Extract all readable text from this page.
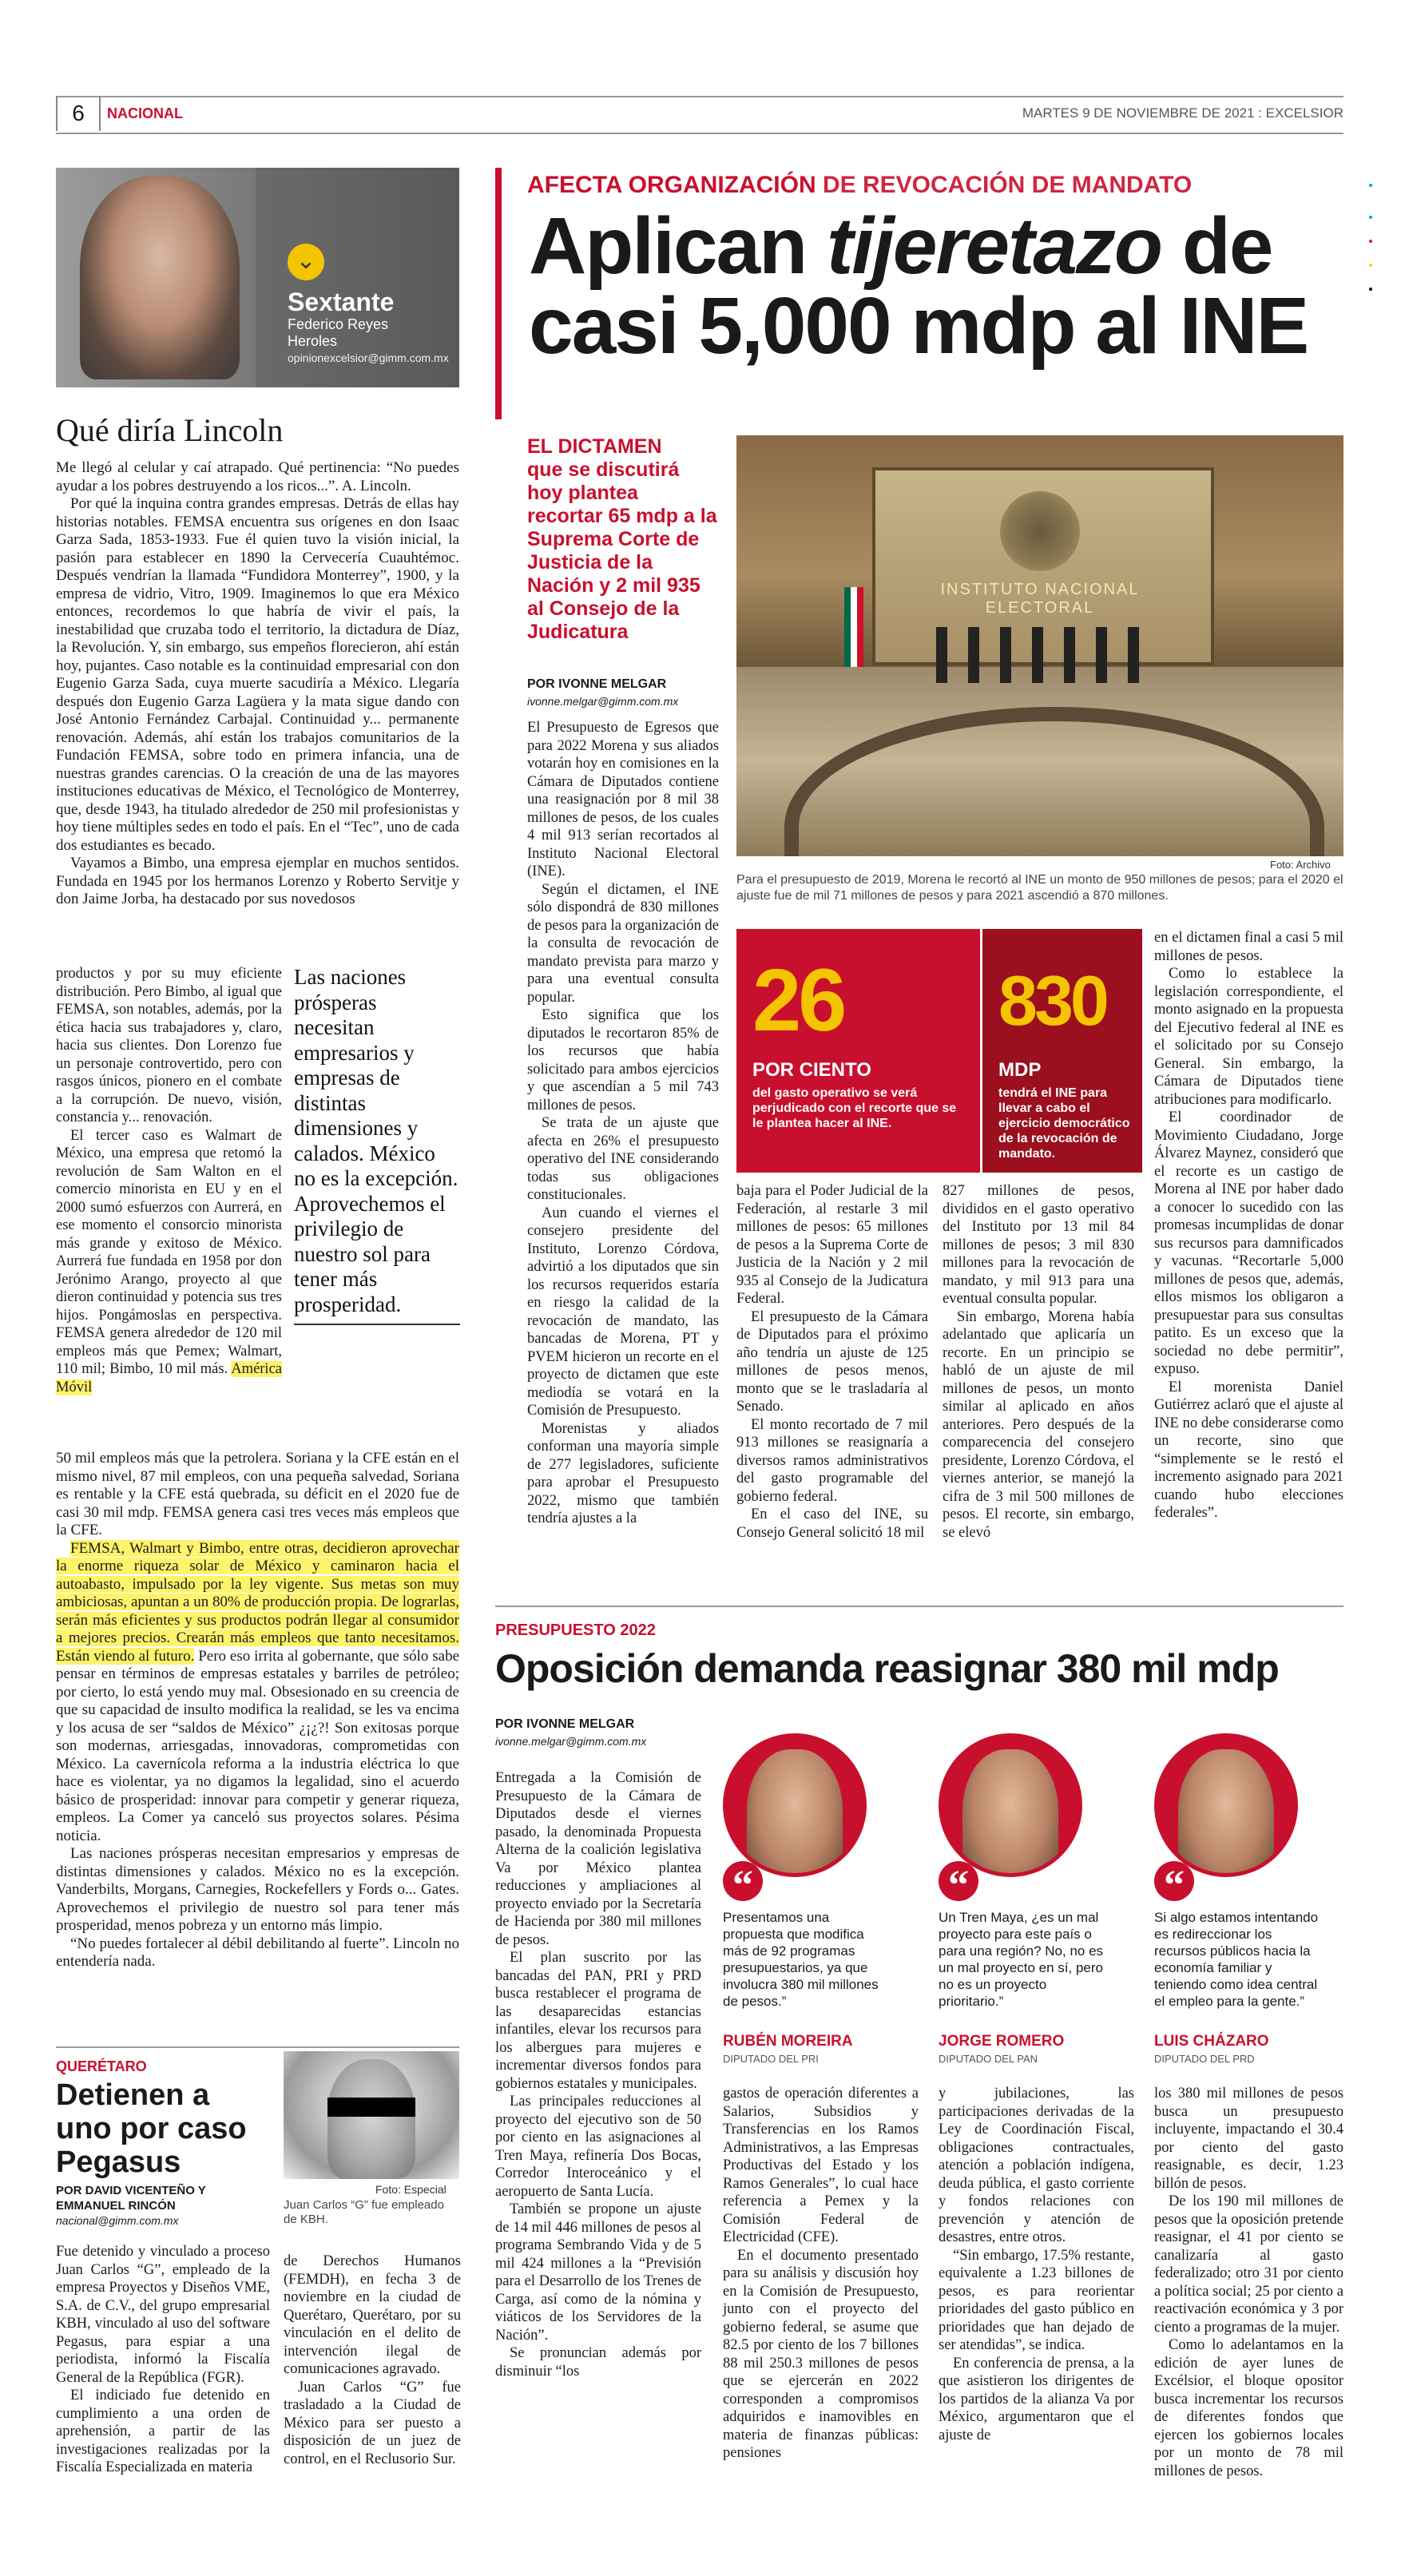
6	NACIONAL	MARTES 9 DE NOVIEMBRE DE 2021 : EXCELSIOR
⌄
Sextante
Federico Reyes Heroles
opinionexcelsior@gimm.com.mx
Qué diría Lincoln

Me llegó al celular y caí atrapado. Qué pertinencia: “No puedes ayudar a los pobres destruyendo a los ricos...”. A. Lincoln.

Por qué la inquina contra grandes empresas. Detrás de ellas hay historias notables. FEMSA encuentra sus orígenes en don Isaac Garza Sada, 1853-1933. Fue él quien tuvo la visión inicial, la pasión para establecer en 1890 la Cervecería Cuauhtémoc. Después vendrían la llamada “Fundidora Monterrey”, 1900, y la empresa de vidrio, Vitro, 1909. Imaginemos lo que era México entonces, recordemos lo que habría de vivir el país, la inestabilidad que cruzaba todo el territorio, la dictadura de Díaz, la Revolución. Y, sin embargo, sus empeños florecieron, ahí están hoy, pujantes. Caso notable es la continuidad empresarial con don Eugenio Garza Sada, cuya muerte sacudiría a México. Llegaría después don Eugenio Garza Lagüera y la mata sigue dando con José Antonio Fernández Carbajal. Continuidad y... permanente renovación. Además, ahí están los trabajos comunitarios de la Fundación FEMSA, sobre todo en primera infancia, una de nuestras grandes carencias. O la creación de una de las mayores instituciones educativas de México, el Tecnológico de Monterrey, que, desde 1943, ha titulado alrededor de 250 mil profesionistas y hoy tiene múltiples sedes en todo el país. En el “Tec”, uno de cada dos estudiantes es becado.

Vayamos a Bimbo, una empresa ejemplar en muchos sentidos. Fundada en 1945 por los hermanos Lorenzo y Roberto Servitje y don Jaime Jorba, ha destacado por sus novedosos

productos y por su muy eficiente distribución. Pero Bimbo, al igual que FEMSA, son notables, además, por la ética hacia sus trabajadores y, claro, hacia sus clientes. Don Lorenzo fue un personaje controvertido, pero con rasgos únicos, pionero en el combate a la corrupción. De nuevo, visión, constancia y... renovación.

El tercer caso es Walmart de México, una empresa que retomó la revolución de Sam Walton en el comercio minorista en EU y en el 2000 sumó esfuerzos con Aurrerá, en ese momento el consorcio minorista más grande y exitoso de México. Aurrerá fue fundada en 1958 por don Jerónimo Arango, proyecto al que dieron continuidad y potencia sus tres hijos. Pongámoslas en perspectiva. FEMSA genera alrededor de 120 mil empleos más que Pemex; Walmart, 110 mil; Bimbo, 10 mil más. América Móvil

Las naciones prósperas necesitan empresarios y empresas de distintas dimensiones y calados. México no es la excepción. Aprovechemos el privilegio de nuestro sol para tener más prosperidad.

50 mil empleos más que la petrolera. Soriana y la CFE están en el mismo nivel, 87 mil empleos, con una pequeña salvedad, Soriana es rentable y la CFE está quebrada, su déficit en el 2020 fue de casi 30 mil mdp. FEMSA genera casi tres veces más empleos que la CFE.

FEMSA, Walmart y Bimbo, entre otras, decidieron aprovechar la enorme riqueza solar de México y caminaron hacia el autoabasto, impulsado por la ley vigente. Sus metas son muy ambiciosas, apuntan a un 80% de producción propia. De lograrlas, serán más eficientes y sus productos podrán llegar al consumidor a mejores precios. Crearán más empleos que tanto necesitamos. Están viendo al futuro. Pero eso irrita al gobernante, que sólo sabe pensar en términos de empresas estatales y barriles de petróleo; por cierto, lo está yendo muy mal. Obsesionado en su creencia de que su capacidad de insulto modifica la realidad, se les va encima y los acusa de ser “saldos de México” ¿¡¿?! Son exitosas porque son modernas, arriesgadas, innovadoras, comprometidas con México. La cavernícola reforma a la industria eléctrica lo que hace es violentar, ya no digamos la legalidad, sino el acuerdo básico de prosperidad: innovar para competir y generar riqueza, empleos. La Comer ya canceló sus proyectos solares. Pésima noticia.

Las naciones prósperas necesitan empresarios y empresas de distintas dimensiones y calados. México no es la excepción. Vanderbilts, Morgans, Carnegies, Rockefellers y Fords o... Gates. Aprovechemos el privilegio de nuestro sol para tener más prosperidad, menos pobreza y un entorno más limpio.

“No puedes fortalecer al débil debilitando al fuerte”. Lincoln no entendería nada.

QUERÉTARO
Detienen a uno por caso Pegasus
POR DAVID VICENTEÑO Y EMMANUEL RINCÓN
nacional@gimm.com.mx
Foto: Especial
Juan Carlos “G” fue empleado de KBH.

Fue detenido y vinculado a proceso Juan Carlos “G”, empleado de la empresa Proyectos y Diseños VME, S.A. de C.V., del grupo empresarial KBH, vinculado al uso del software Pegasus, para espiar a una periodista, informó la Fiscalía General de la República (FGR).

El indiciado fue detenido en cumplimiento a una orden de aprehensión, a partir de las investigaciones realizadas por la Fiscalía Especializada en materia

de Derechos Humanos (FEMDH), en fecha 3 de noviembre en la ciudad de Querétaro, Querétaro, por su vinculación en el delito de intervención ilegal de comunicaciones agravado.

Juan Carlos “G” fue trasladado a la Ciudad de México para ser puesto a disposición de un juez de control, en el Reclusorio Sur.

AFECTA ORGANIZACIÓN DE REVOCACIÓN DE MANDATO
Aplican tijeretazo de casi 5,000 mdp al INE
EL DICTAMEN
que se discutirá hoy plantea recortar 65 mdp a la Suprema Corte de Justicia de la Nación y 2 mil 935 al Consejo de la Judicatura
POR IVONNE MELGAR
ivonne.melgar@gimm.com.mx
INSTITUTO NACIONAL ELECTORAL
Foto: Archivo
Para el presupuesto de 2019, Morena le recortó al INE un monto de 950 millones de pesos; para el 2020 el ajuste fue de mil 71 millones de pesos y para 2021 ascendió a 870 millones.

El Presupuesto de Egresos que para 2022 Morena y sus aliados votarán hoy en comisiones en la Cámara de Diputados contiene una reasignación por 8 mil 38 millones de pesos, de los cuales 4 mil 913 serían recortados al Instituto Nacional Electoral (INE).

Según el dictamen, el INE sólo dispondrá de 830 millones de pesos para la organización de la consulta de revocación de mandato prevista para marzo y para una eventual consulta popular.

Esto significa que los diputados le recortaron 85% de los recursos que había solicitado para ambos ejercicios y que ascendían a 5 mil 743 millones de pesos.

Se trata de un ajuste que afecta en 26% el presupuesto operativo del INE considerando todas sus obligaciones constitucionales.

Aun cuando el viernes el consejero presidente del Instituto, Lorenzo Córdova, advirtió a los diputados que sin los recursos requeridos estaría en riesgo la calidad de la revocación de mandato, las bancadas de Morena, PT y PVEM hicieron un recorte en el proyecto de dictamen que este mediodía se votará en la Comisión de Presupuesto.

Morenistas y aliados conforman una mayoría simple de 277 legisladores, suficiente para aprobar el Presupuesto 2022, mismo que también tendría ajustes a la

26
POR CIENTO
del gasto operativo se verá perjudicado con el recorte que se le plantea hacer al INE.
830
MDP
tendrá el INE para llevar a cabo el ejercicio democrático de la revocación de mandato.

baja para el Poder Judicial de la Federación, al restarle 3 mil millones de pesos: 65 millones de pesos a la Suprema Corte de Justicia de la Nación y 2 mil 935 al Consejo de la Judicatura Federal.

El presupuesto de la Cámara de Diputados para el próximo año tendría un ajuste de 125 millones de pesos menos, monto que se le trasladaría al Senado.

El monto recortado de 7 mil 913 millones se reasignaría a diversos ramos administrativos del gasto programable del gobierno federal.

En el caso del INE, su Consejo General solicitó 18 mil

827 millones de pesos, divididos en el gasto operativo del Instituto por 13 mil 84 millones de pesos; 3 mil 830 millones para la revocación de mandato, y mil 913 para una eventual consulta popular.

Sin embargo, Morena había adelantado que aplicaría un recorte. En un principio se habló de un ajuste de mil millones de pesos, un monto similar al aplicado en años anteriores. Pero después de la comparecencia del consejero presidente, Lorenzo Córdova, el viernes anterior, se manejó la cifra de 3 mil 500 millones de pesos. El recorte, sin embargo, se elevó

en el dictamen final a casi 5 mil millones de pesos.

Como lo establece la legislación correspondiente, el monto asignado en la propuesta del Ejecutivo federal al INE es el solicitado por su Consejo General. Sin embargo, la Cámara de Diputados tiene atribuciones para modificarlo.

El coordinador de Movimiento Ciudadano, Jorge Álvarez Maynez, consideró que el recorte es un castigo de Morena al INE por haber dado a conocer lo sucedido con las promesas incumplidas de donar sus recursos para damnificados y vacunas. “Recortarle 5,000 millones de pesos que, además, ellos mismos los obligaron a presupuestar para sus consultas patito. Es un exceso que la sociedad no debe permitir”, expuso.

El morenista Daniel Gutiérrez aclaró que el ajuste al INE no debe considerarse como un recorte, sino que “simplemente se le restó el incremento asignado para 2021 cuando hubo elecciones federales”.

PRESUPUESTO 2022
Oposición demanda reasignar 380 mil mdp
POR IVONNE MELGAR
ivonne.melgar@gimm.com.mx

Entregada a la Comisión de Presupuesto de la Cámara de Diputados desde el viernes pasado, la denominada Propuesta Alterna de la coalición legislativa Va por México plantea reducciones y ampliaciones al proyecto enviado por la Secretaría de Hacienda por 380 mil millones de pesos.

El plan suscrito por las bancadas del PAN, PRI y PRD busca restablecer el programa de las desaparecidas estancias infantiles, elevar los recursos para los albergues para mujeres e incrementar diversos fondos para gobiernos estatales y municipales.

Las principales reducciones al proyecto del ejecutivo son de 50 por ciento en las asignaciones al Tren Maya, refinería Dos Bocas, Corredor Interoceánico y el aeropuerto de Santa Lucía.

También se propone un ajuste de 14 mil 446 millones de pesos al programa Sembrando Vida y de 5 mil 424 millones a la “Previsión para el Desarrollo de los Trenes de Carga, así como de la nómina y viáticos de los Servidores de la Nación”.

Se pronuncian además por disminuir “los

“
Presentamos una propuesta que modifica más de 92 programas presupuestarios, ya que involucra 380 mil millones de pesos.”
RUBÉN MOREIRA
DIPUTADO DEL PRI
“
Un Tren Maya, ¿es un mal proyecto para este país o para una región? No, no es un mal proyecto en sí, pero no es un proyecto prioritario.”
JORGE ROMERO
DIPUTADO DEL PAN
“
Si algo estamos intentando es redireccionar los recursos públicos hacia la economía familiar y teniendo como idea central el empleo para la gente.”
LUIS CHÁZARO
DIPUTADO DEL PRD

gastos de operación diferentes a Salarios, Subsidios y Transferencias en los Ramos Administrativos, a las Empresas Productivas del Estado y los Ramos Generales”, lo cual hace referencia a Pemex y la Comisión Federal de Electricidad (CFE).

En el documento presentado para su análisis y discusión hoy en la Comisión de Presupuesto, junto con el proyecto del gobierno federal, se asume que 82.5 por ciento de los 7 billones 88 mil 250.3 millones de pesos que se ejercerán en 2022 corresponden a compromisos adquiridos e inamovibles en materia de finanzas públicas: pensiones

y jubilaciones, las participaciones derivadas de la Ley de Coordinación Fiscal, obligaciones contractuales, atención a población indígena, deuda pública, el gasto corriente y fondos relaciones con prevención y atención de desastres, entre otros.

“Sin embargo, 17.5% restante, equivalente a 1.23 billones de pesos, es para reorientar prioridades del gasto público en prioridades que han dejado de ser atendidas”, se indica.

En conferencia de prensa, a la que asistieron los dirigentes de los partidos de la alianza Va por México, argumentaron que el ajuste de

los 380 mil millones de pesos busca un presupuesto incluyente, impactando el 30.4 por ciento del gasto reasignable, es decir, 1.23 billón de pesos.

De los 190 mil millones de pesos que la oposición pretende reasignar, el 41 por ciento se canalizaría al gasto federalizado; otro 31 por ciento a política social; 25 por ciento a reactivación económica y 3 por ciento a programas de la mujer.

Como lo adelantamos en la edición de ayer lunes de Excélsior, el bloque opositor busca incrementar los recursos de diferentes fondos que ejercen los gobiernos locales por un monto de 78 mil millones de pesos.
